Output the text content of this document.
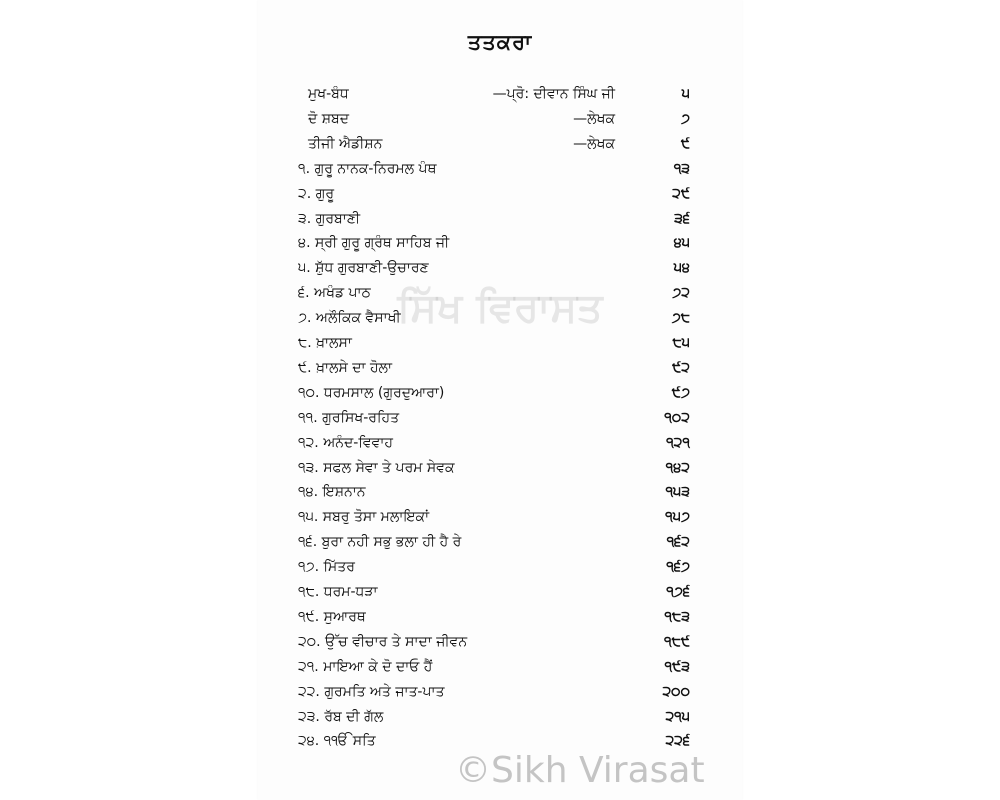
ਤਤਕਰਾ
ਮੁਖ-ਬੰਧ	—ਪ੍ਰੋ: ਦੀਵਾਨ ਸਿੰਘ ਜੀ	੫
ਦੋ ਸ਼ਬਦ	—ਲੇਖਕ	੭
ਤੀਜੀ ਐਡੀਸ਼ਨ	—ਲੇਖਕ	੯
੧. ਗੁਰੂ ਨਾਨਕ-ਨਿਰਮਲ ਪੰਥ	੧੩
੨. ਗੁਰੂ	੨੯
੩. ਗੁਰਬਾਣੀ	੩੬
੪. ਸ੍ਰੀ ਗੁਰੂ ਗ੍ਰੰਥ ਸਾਹਿਬ ਜੀ	੪੫
੫. ਸ਼ੁੱਧ ਗੁਰਬਾਣੀ-ਉਚਾਰਣ	੫੪
੬. ਅਖੰਡ ਪਾਠ	੭੨
੭. ਅਲੌਕਿਕ ਵੈਸਾਖੀ	੭੮
੮. ਖ਼ਾਲਸਾ	੮੫
੯. ਖ਼ਾਲਸੇ ਦਾ ਹੋਲਾ	੯੨
੧੦. ਧਰਮਸਾਲ (ਗੁਰਦੁਆਰਾ)	੯੭
੧੧. ਗੁਰਸਿਖ-ਰਹਿਤ	੧੦੨
੧੨. ਅਨੰਦ-ਵਿਵਾਹ	੧੨੧
੧੩. ਸਫਲ ਸੇਵਾ ਤੇ ਪਰਮ ਸੇਵਕ	੧੪੨
੧੪. ਇਸ਼ਨਾਨ	੧੫੩
੧੫. ਸਬਰੁ ਤੋਸਾ ਮਲਾਇਕਾਂ	੧੫੭
੧੬. ਬੁਰਾ ਨਹੀ ਸਭੁ ਭਲਾ ਹੀ ਹੈ ਰੇ	੧੬੨
੧੭. ਮਿੱਤਰ	੧੬੭
੧੮. ਧਰਮ-ਧੜਾ	੧੭੬
੧੯. ਸੁਆਰਥ	੧੮੩
੨੦. ਉੱਚ ਵੀਚਾਰ ਤੇ ਸਾਦਾ ਜੀਵਨ	੧੮੯
੨੧. ਮਾਇਆ ਕੇ ਦੋ ਦਾਓ ਹੈਂ	੧੯੩
੨੨. ਗੁਰਮਤਿ ਅਤੇ ਜਾਤ-ਪਾਤ	੨੦੦
੨੩. ਰੱਬ ਦੀ ਗੱਲ	੨੧੫
੨੪. ੧ੴ ਸਤਿ	੨੨੬
ਸਿੱਖ ਵਿਰਾਸਤ
©Sikh Virasat
